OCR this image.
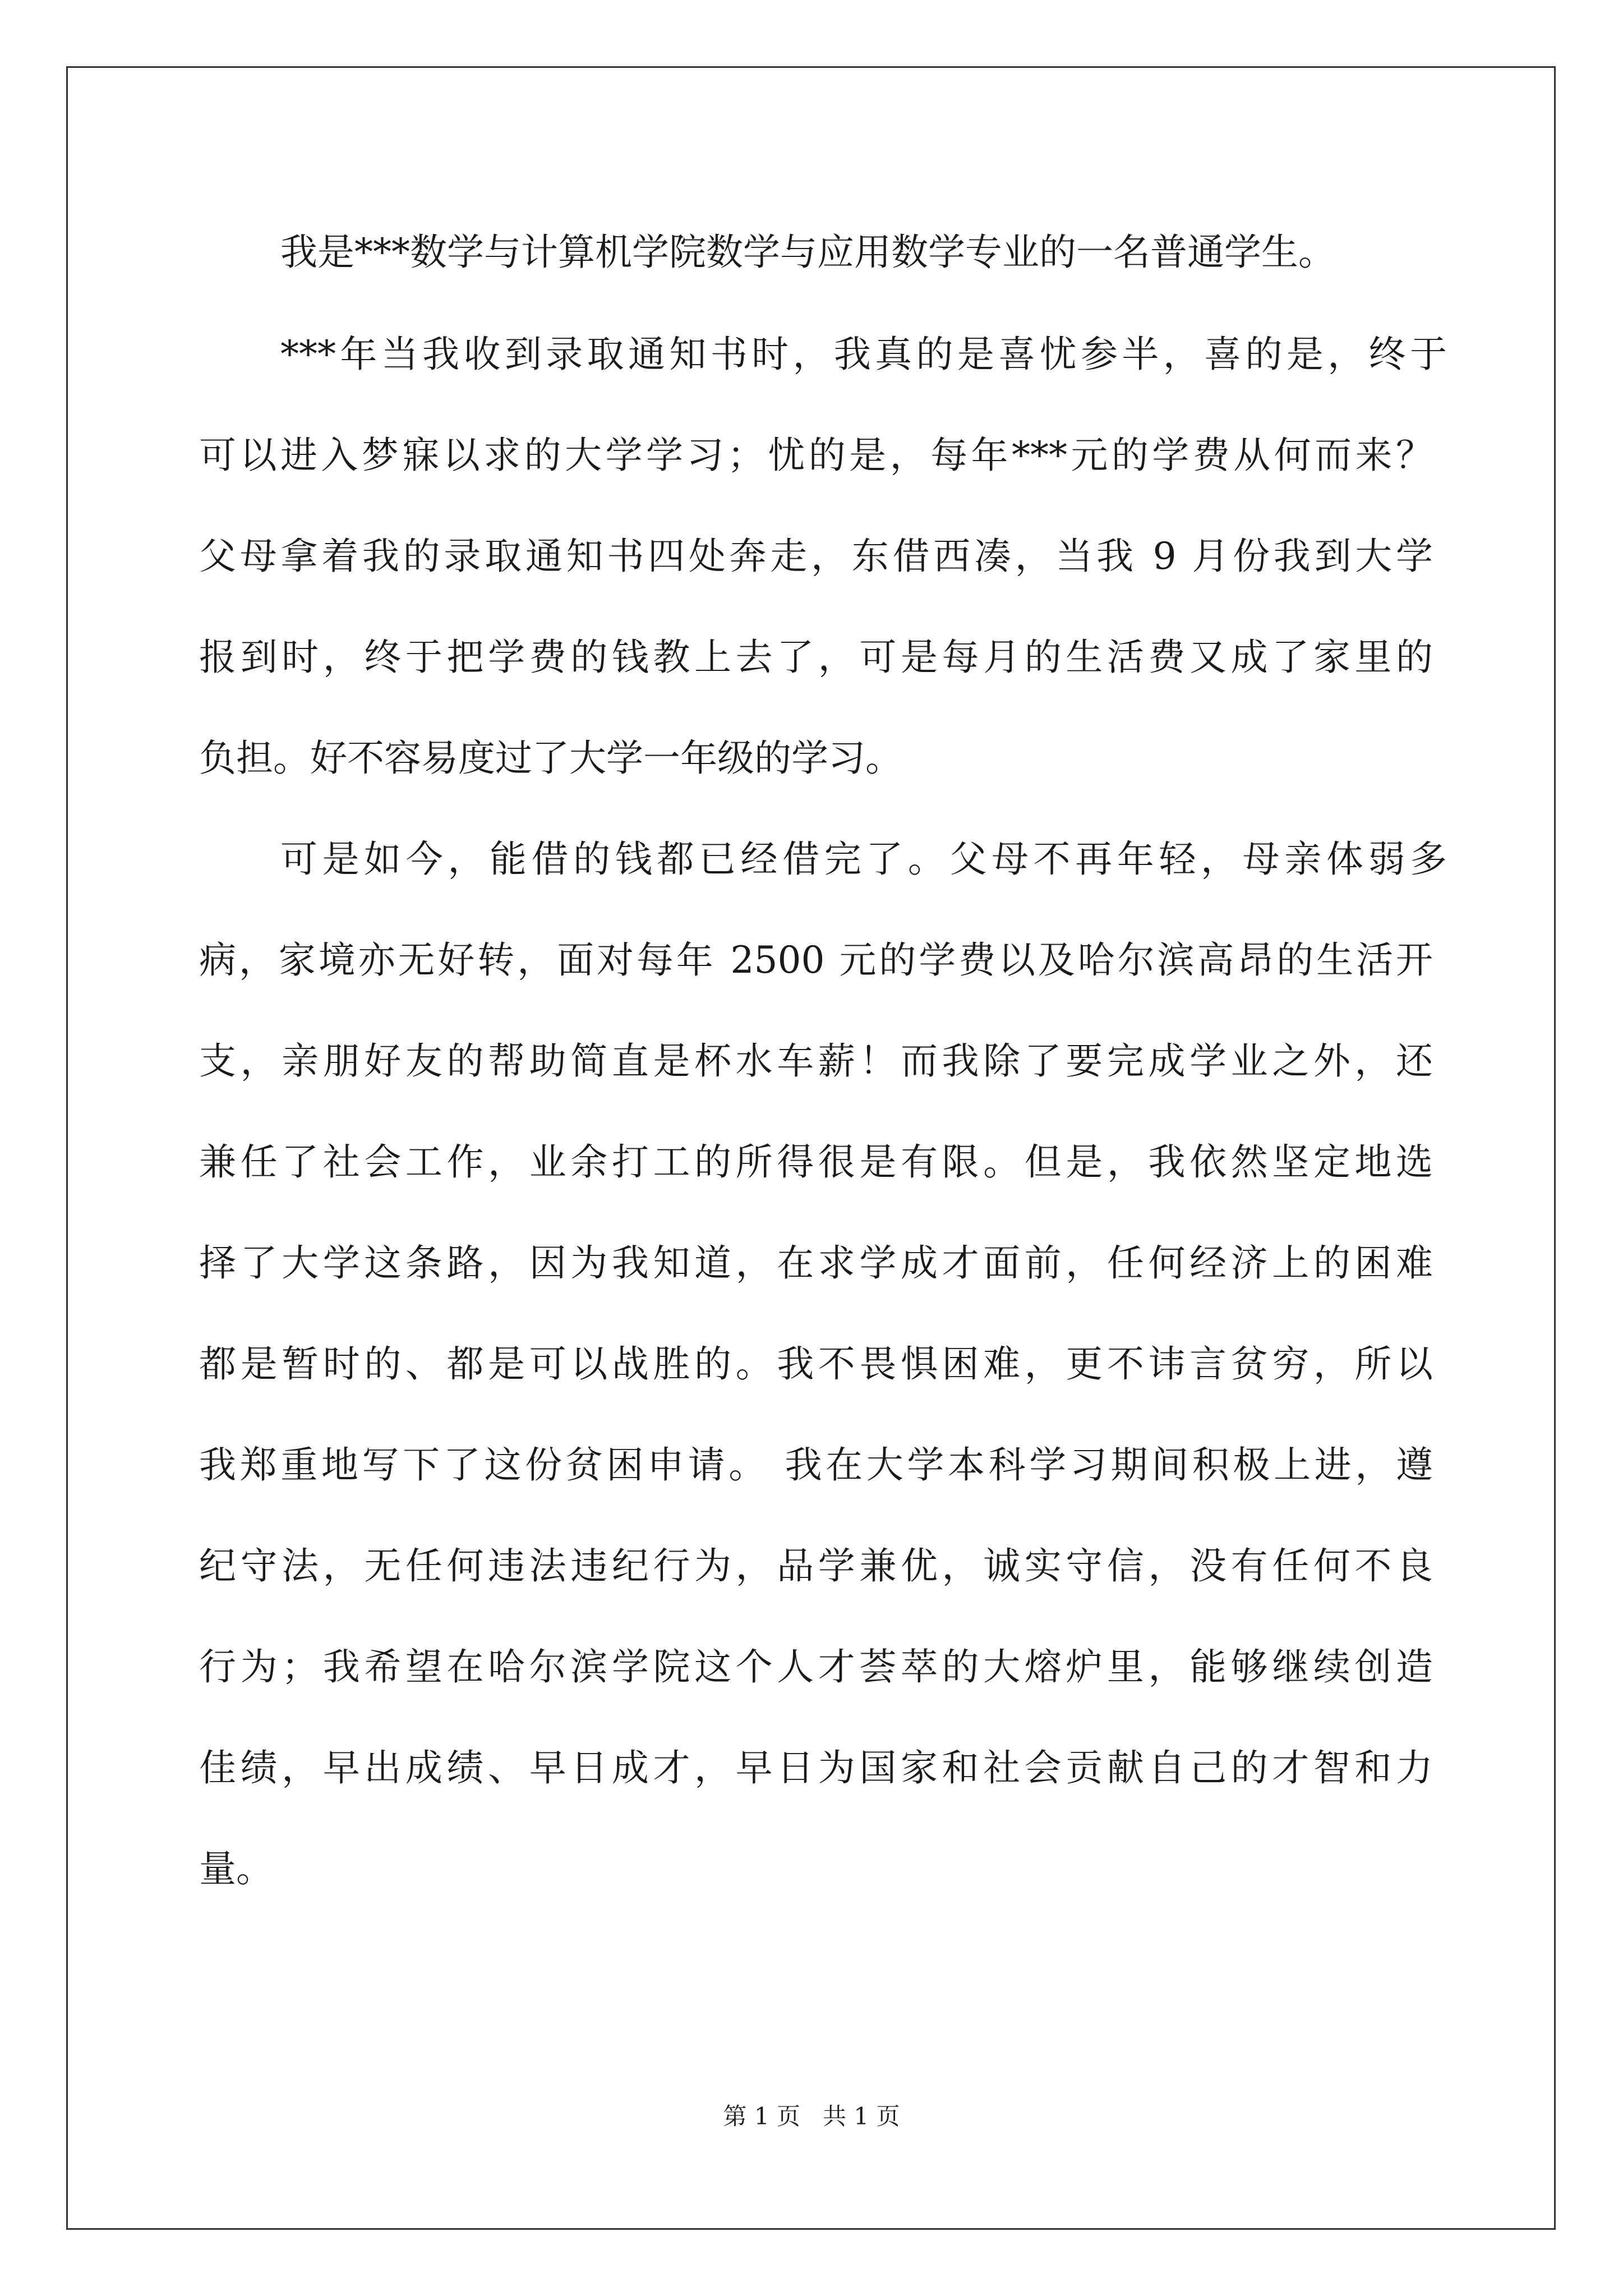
我是***数学与计算机学院数学与应用数学专业的一名普通学生。
***年当我收到录取通知书时，我真的是喜忧参半，喜的是，终于
可以进入梦寐以求的大学学习；忧的是，每年***元的学费从何而来？
父母拿着我的录取通知书四处奔走，东借西凑，当我 9 月份我到大学
报到时，终于把学费的钱教上去了，可是每月的生活费又成了家里的
负担。好不容易度过了大学一年级的学习。
可是如今，能借的钱都已经借完了。父母不再年轻，母亲体弱多
病，家境亦无好转，面对每年 2500 元的学费以及哈尔滨高昂的生活开
支，亲朋好友的帮助简直是杯水车薪！而我除了要完成学业之外，还
兼任了社会工作，业余打工的所得很是有限。但是，我依然坚定地选
择了大学这条路，因为我知道，在求学成才面前，任何经济上的困难
都是暂时的、都是可以战胜的。我不畏惧困难，更不讳言贫穷，所以
我郑重地写下了这份贫困申请。 我在大学本科学习期间积极上进，遵
纪守法，无任何违法违纪行为，品学兼优，诚实守信，没有任何不良
行为；我希望在哈尔滨学院这个人才荟萃的大熔炉里，能够继续创造
佳绩，早出成绩、早日成才，早日为国家和社会贡献自己的才智和力
量。
第 1 页   共 1 页
